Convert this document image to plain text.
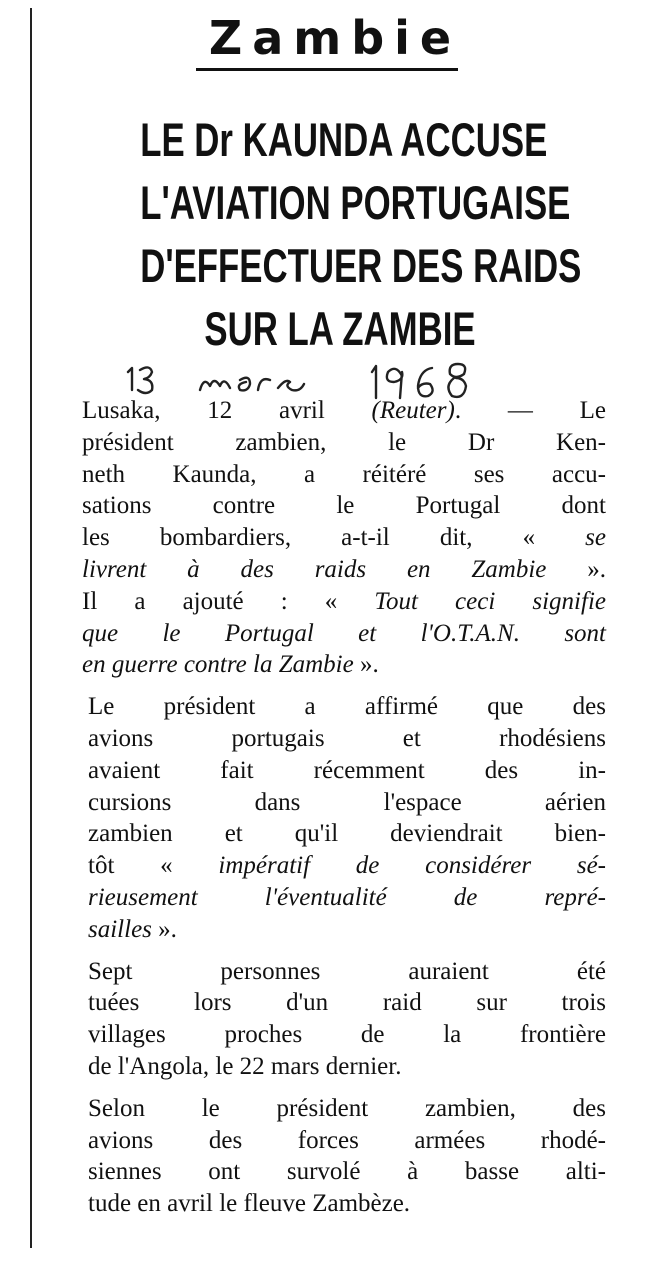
Zambie
LE Dr KAUNDA ACCUSE
L'AVIATION PORTUGAISE
D'EFFECTUER DES RAIDS
SUR LA ZAMBIE

Lusaka, 12 avril (Reuter). — Le
président zambien, le Dr Ken-
neth Kaunda, a réitéré ses accu-
sations contre le Portugal dont
les bombardiers, a-t-il dit, « se
livrent à des raids en Zambie ».
Il a ajouté : « Tout ceci signifie
que le Portugal et l'O.T.A.N. sont
en guerre contre la Zambie ».

Le président a affirmé que des
avions portugais et rhodésiens
avaient fait récemment des in-
cursions dans l'espace aérien
zambien et qu'il deviendrait bien-
tôt « impératif de considérer sé-
rieusement l'éventualité de repré-
sailles ».

Sept personnes auraient été
tuées lors d'un raid sur trois
villages proches de la frontière
de l'Angola, le 22 mars dernier.

Selon le président zambien, des
avions des forces armées rhodé-
siennes ont survolé à basse alti-
tude en avril le fleuve Zambèze.
